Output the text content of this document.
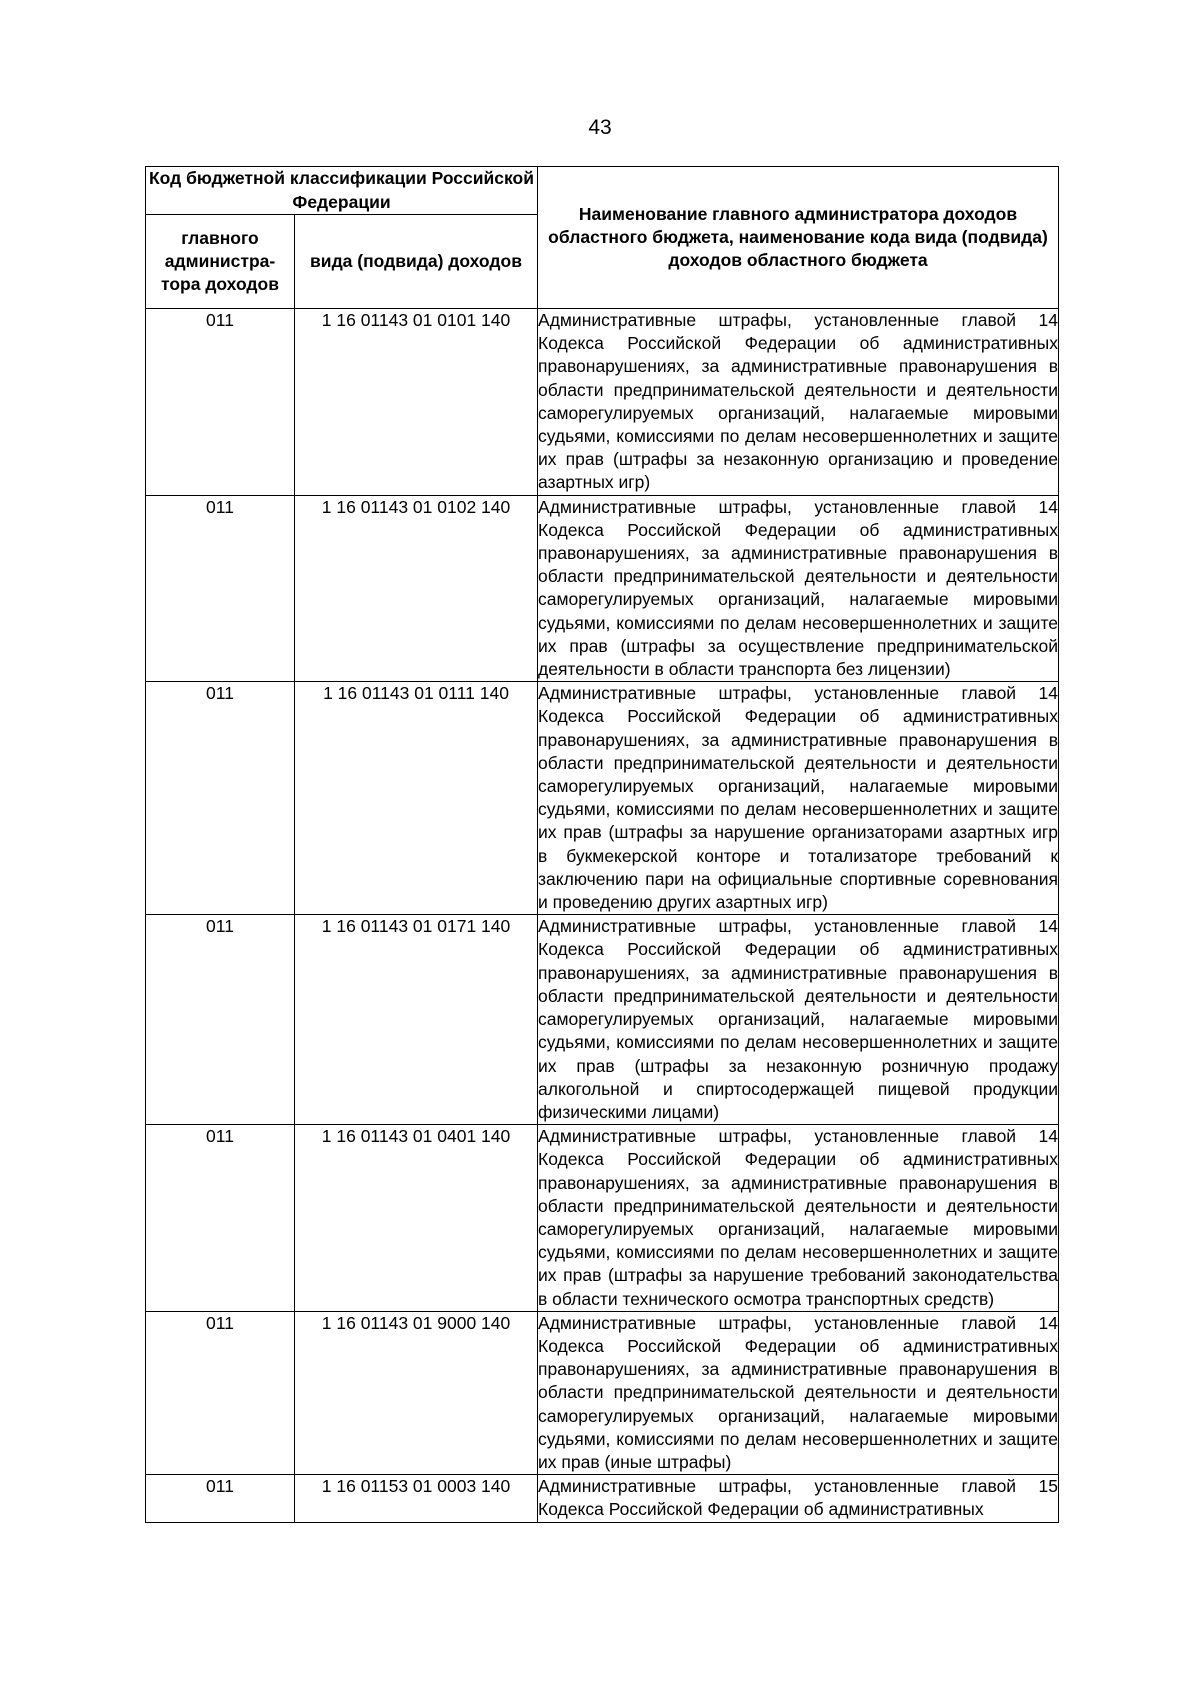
43
Код бюджетной классификации Российской Федерации		Наименование главного администратора доходов областного бюджета, наименование кода вида (подвида) доходов областного бюджета
главного администра-тора доходов	вида (подвида) доходов	
011	1 16 01143 01 0101 140	Административные штрафы, установленные главой 14 Кодекса Российской Федерации об административных правонарушениях, за административные правонарушения в области предпринимательской деятельности и деятельности саморегулируемых организаций, налагаемые мировыми судьями, комиссиями по делам несовершеннолетних и защите их прав (штрафы за незаконную организацию и проведение азартных игр)
011	1 16 01143 01 0102 140	Административные штрафы, установленные главой 14 Кодекса Российской Федерации об административных правонарушениях, за административные правонарушения в области предпринимательской деятельности и деятельности саморегулируемых организаций, налагаемые мировыми судьями, комиссиями по делам несовершеннолетних и защите их прав (штрафы за осуществление предпринимательской деятельности в области транспорта без лицензии)
011	1 16 01143 01 0111 140	Административные штрафы, установленные главой 14 Кодекса Российской Федерации об административных правонарушениях, за административные правонарушения в области предпринимательской деятельности и деятельности саморегулируемых организаций, налагаемые мировыми судьями, комиссиями по делам несовершеннолетних и защите их прав (штрафы за нарушение организаторами азартных игр в букмекерской конторе и тотализаторе требований к заключению пари на официальные спортивные соревнования и проведению других азартных игр)
011	1 16 01143 01 0171 140	Административные штрафы, установленные главой 14 Кодекса Российской Федерации об административных правонарушениях, за административные правонарушения в области предпринимательской деятельности и деятельности саморегулируемых организаций, налагаемые мировыми судьями, комиссиями по делам несовершеннолетних и защите их прав (штрафы за незаконную розничную продажу алкогольной и спиртосодержащей пищевой продукции физическими лицами)
011	1 16 01143 01 0401 140	Административные штрафы, установленные главой 14 Кодекса Российской Федерации об административных правонарушениях, за административные правонарушения в области предпринимательской деятельности и деятельности саморегулируемых организаций, налагаемые мировыми судьями, комиссиями по делам несовершеннолетних и защите их прав (штрафы за нарушение требований законодательства в области технического осмотра транспортных средств)
011	1 16 01143 01 9000 140	Административные штрафы, установленные главой 14 Кодекса Российской Федерации об административных правонарушениях, за административные правонарушения в области предпринимательской деятельности и деятельности саморегулируемых организаций, налагаемые мировыми судьями, комиссиями по делам несовершеннолетних и защите их прав (иные штрафы)
011	1 16 01153 01 0003 140	Административные штрафы, установленные главой 15 Кодекса Российской Федерации об административных
